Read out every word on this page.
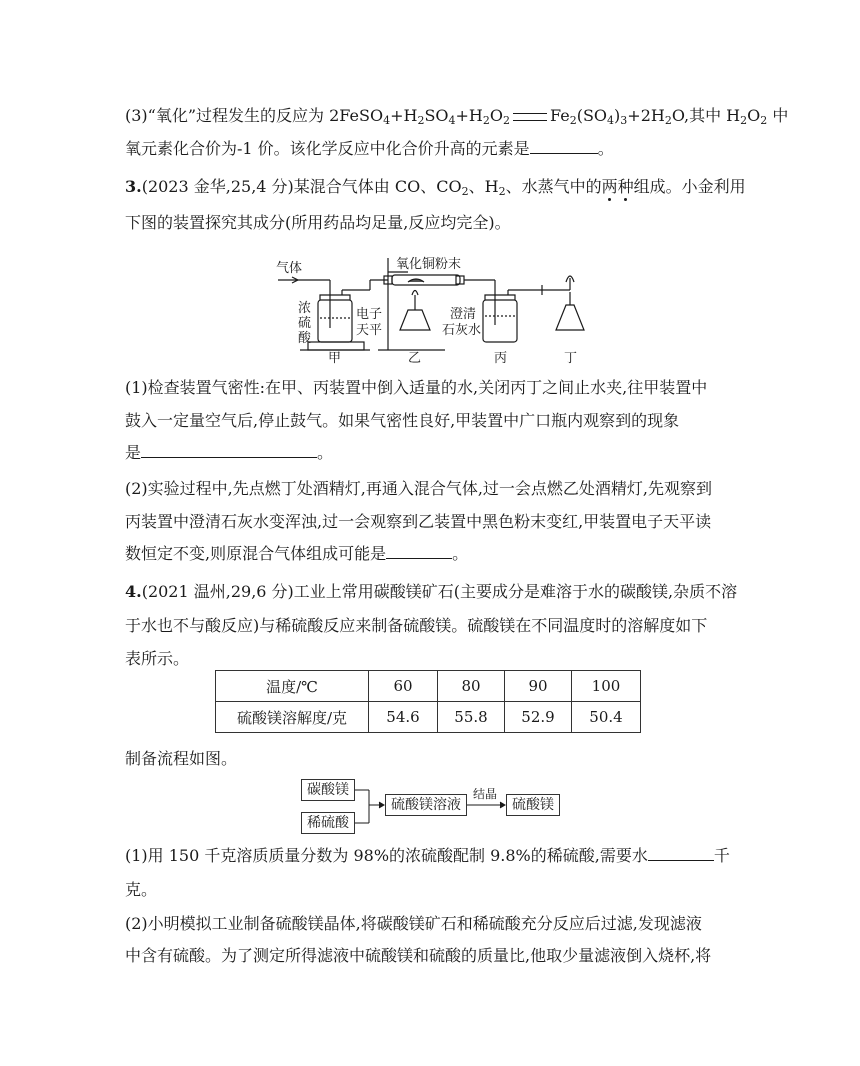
(3)“氧化”过程发生的反应为 $2FeSO_4+H_2SO_4+H_2O_2$	$Fe_2(SO_4)_3+2H_2O$,其中 $H_2O_2$ 中
氧元素化合价为-1 价。该化学反应中化合价升高的元素是	。
3.(2023 金华,25,4 分)某混合气体由 CO、$CO_2$、$H_2$、水蒸气中的两种组成。小金利用
下图的装置探究其成分(所用药品均足量,反应均完全)。
气体
浓
硫
酸
电子
天平
氧化铜粉末
澄清
石灰水
甲	乙	丙	丁
(1)检查装置气密性:在甲、丙装置中倒入适量的水,关闭丙丁之间止水夹,往甲装置中
鼓入一定量空气后,停止鼓气。如果气密性良好,甲装置中广口瓶内观察到的现象
是	。
(2)实验过程中,先点燃丁处酒精灯,再通入混合气体,过一会点燃乙处酒精灯,先观察到
丙装置中澄清石灰水变浑浊,过一会观察到乙装置中黑色粉末变红,甲装置电子天平读
数恒定不变,则原混合气体组成可能是	。
4.(2021 温州,29,6 分)工业上常用碳酸镁矿石(主要成分是难溶于水的碳酸镁,杂质不溶
于水也不与酸反应)与稀硫酸反应来制备硫酸镁。硫酸镁在不同温度时的溶解度如下
表所示。
温度/℃	60	80	90	100
硫酸镁溶解度/克	54.6	55.8	52.9	50.4
制备流程如图。
碳酸镁
稀硫酸
硫酸镁溶液	硫酸镁
结晶
(1)用 150 千克溶质质量分数为 98%的浓硫酸配制 9.8%的稀硫酸,需要水	千
克。
(2)小明模拟工业制备硫酸镁晶体,将碳酸镁矿石和稀硫酸充分反应后过滤,发现滤液
中含有硫酸。为了测定所得滤液中硫酸镁和硫酸的质量比,他取少量滤液倒入烧杯,将
